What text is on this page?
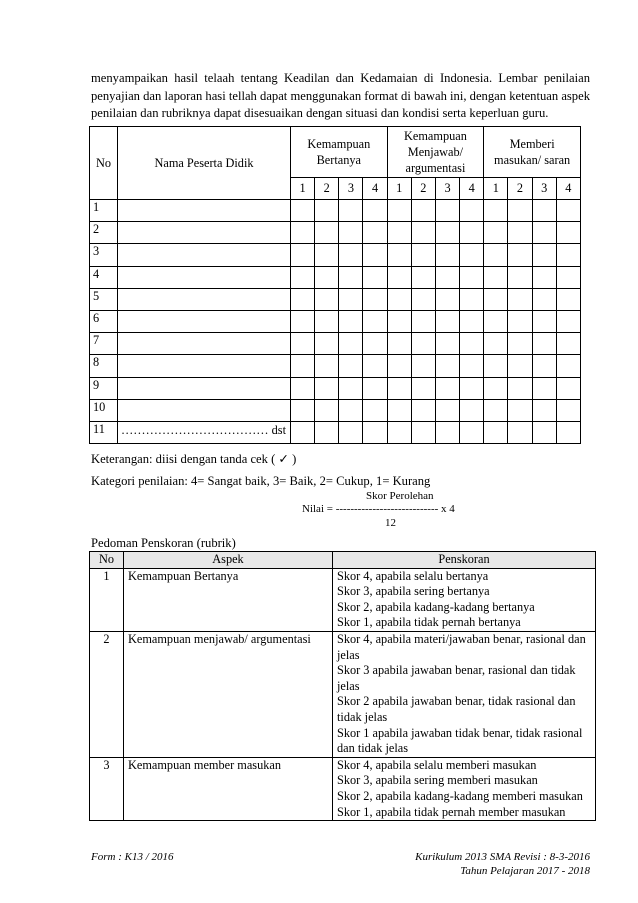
menyampaikan hasil telaah tentang Keadilan dan Kedamaian di Indonesia. Lembar penilaian penyajian dan laporan hasi tellah dapat menggunakan format di bawah ini, dengan ketentuan aspek penilaian dan rubriknya dapat disesuaikan dengan situasi dan kondisi serta keperluan guru.

No	Nama Peserta Didik	Kemampuan Bertanya				Kemampuan Menjawab/ argumentasi				Memberi masukan/ saran			
		1	2	3	4	1	2	3	4	1	2	3	4
1													
2													
3													
4													
5													
6													
7													
8													
9													
10													
11	……………………………… dst												

Keterangan: diisi dengan tanda cek ( ✓ )

Kategori penilaian: 4= Sangat baik, 3= Baik, 2= Cukup, 1= Kurang

Skor Perolehan

Nilai = ---------------------------- x 4

12

Pedoman Penskoran (rubrik)

No	Aspek	Penskoran
1	Kemampuan Bertanya	Skor 4, apabila selalu bertanya
Skor 3, apabila sering bertanya
Skor 2, apabila kadang-kadang bertanya
Skor 1, apabila tidak pernah bertanya

2	Kemampuan menjawab/ argumentasi	Skor 4, apabila materi/jawaban benar, rasional dan jelas
Skor 3 apabila jawaban benar, rasional dan tidak jelas
Skor 2 apabila jawaban benar, tidak rasional dan tidak jelas
Skor 1 apabila jawaban tidak benar, tidak rasional dan tidak jelas

3	Kemampuan member masukan	Skor 4, apabila selalu memberi masukan
Skor 3, apabila sering memberi masukan
Skor 2, apabila kadang-kadang memberi masukan
Skor 1, apabila tidak pernah member masukan

Form : K13 / 2016	Kurikulum 2013 SMA Revisi : 8-3-2016
Tahun Pelajaran 2017 - 2018
